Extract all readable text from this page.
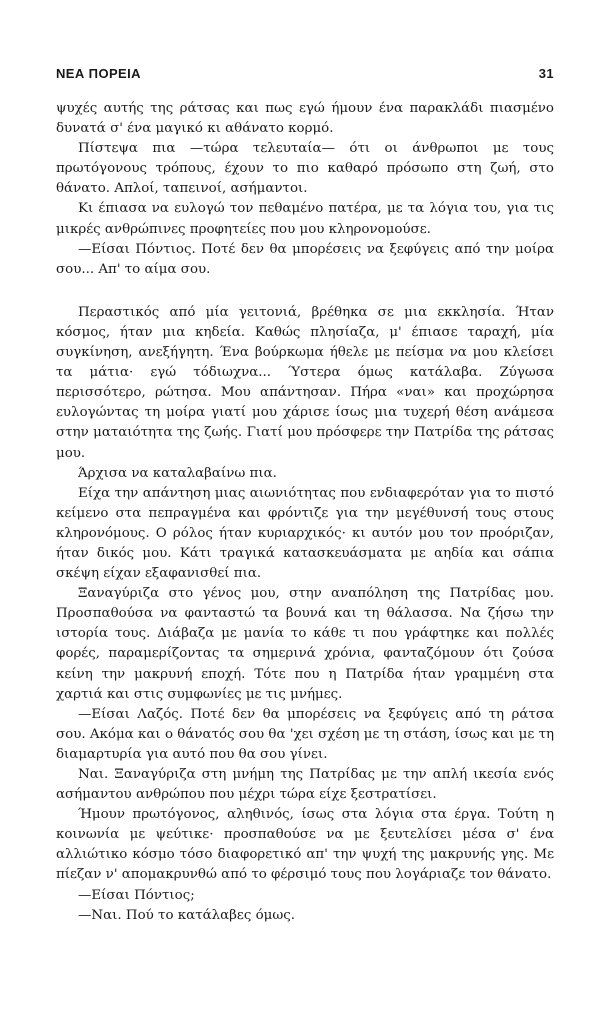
ΝΕΑ ΠΟΡΕΙΑ	31

ψυχές αυτής της ράτσας και πως εγώ ήμουν ένα παρακλάδι πιασμένο δυνατά σ' ένα μαγικό κι αθάνατο κορμό.

Πίστεψα πια —τώρα τελευταία— ότι οι άνθρωποι με τους πρωτόγονους τρόπους, έχουν το πιο καθαρό πρόσωπο στη ζωή, στο θάνατο. Απλοί, ταπεινοί, ασήμαντοι.

Κι έπιασα να ευλογώ τον πεθαμένο πατέρα, με τα λόγια του, για τις μικρές ανθρώπινες προφητείες που μου κληρονομούσε.

—Είσαι Πόντιος. Ποτέ δεν θα μπορέσεις να ξεφύγεις από την μοίρα σου... Απ' το αίμα σου.

Περαστικός από μία γειτονιά, βρέθηκα σε μια εκκλησία. Ήταν κόσμος, ήταν μια κηδεία. Καθώς πλησίαζα, μ' έπιασε ταραχή, μία συγκίνηση, ανεξήγητη. Ένα βούρκωμα ήθελε με πείσμα να μου κλείσει τα μάτια· εγώ τόδιωχνα... Ύστερα όμως κατάλαβα. Ζύγωσα περισσότερο, ρώτησα. Μου απάντησαν. Πήρα «ναι» και προχώρησα ευλογώντας τη μοίρα γιατί μου χάρισε ίσως μια τυχερή θέση ανάμεσα στην ματαιότητα της ζωής. Γιατί μου πρόσφερε την Πατρίδα της ράτσας μου.

Άρχισα να καταλαβαίνω πια.

Είχα την απάντηση μιας αιωνιότητας που ενδιαφερόταν για το πιστό κείμενο στα πεπραγμένα και φρόντιζε για την μεγέθυνσή τους στους κληρονόμους. Ο ρόλος ήταν κυριαρχικός· κι αυτόν μου τον προόριζαν, ήταν δικός μου. Κάτι τραγικά κατασκευάσματα με αηδία και σάπια σκέψη είχαν εξαφανισθεί πια.

Ξαναγύριζα στο γένος μου, στην αναπόληση της Πατρίδας μου. Προσπαθούσα να φανταστώ τα βουνά και τη θάλασσα. Να ζήσω την ιστορία τους. Διάβαζα με μανία το κάθε τι που γράφτηκε και πολλές φορές, παραμερίζοντας τα σημερινά χρόνια, φανταζόμουν ότι ζούσα κείνη την μακρυνή εποχή. Τότε που η Πατρίδα ήταν γραμμένη στα χαρτιά και στις συμφωνίες με τις μνήμες.

—Είσαι Λαζός. Ποτέ δεν θα μπορέσεις να ξεφύγεις από τη ράτσα σου. Ακόμα και ο θάνατός σου θα 'χει σχέση με τη στάση, ίσως και με τη διαμαρτυρία για αυτό που θα σου γίνει.

Ναι. Ξαναγύριζα στη μνήμη της Πατρίδας με την απλή ικεσία ενός ασήμαντου ανθρώπου που μέχρι τώρα είχε ξεστρατίσει.

Ήμουν πρωτόγονος, αληθινός, ίσως στα λόγια στα έργα. Τούτη η κοινωνία με ψεύτικε· προσπαθούσε να με ξευτελίσει μέσα σ' ένα αλλιώτικο κόσμο τόσο διαφορετικό απ' την ψυχή της μακρυνής γης. Με πίεζαν ν' απομακρυνθώ από το φέρσιμό τους που λογάριαζε τον θάνατο.

—Είσαι Πόντιος;

—Ναι. Πού το κατάλαβες όμως.
